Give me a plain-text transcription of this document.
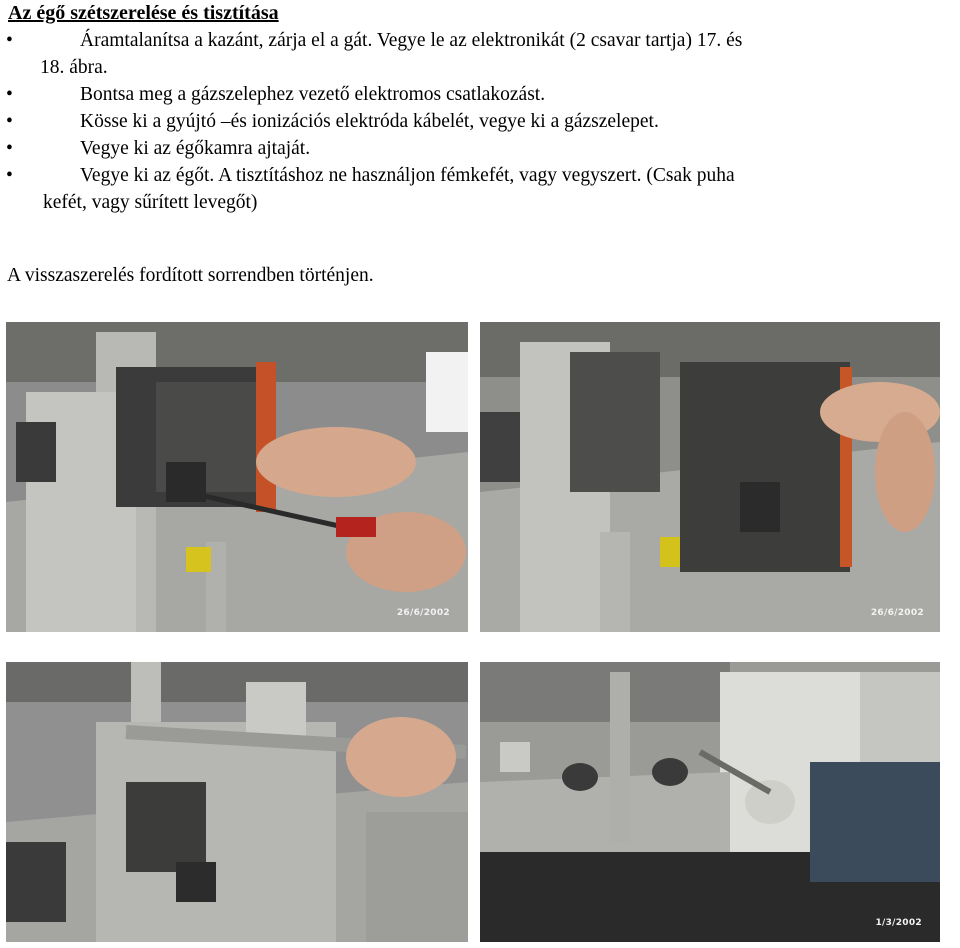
Az égő szétszerelése és tisztítása
•	Áramtalanítsa a kazánt, zárja el a gát. Vegye le az elektronikát (2 csavar tartja) 17. és
18. ábra.
•	Bontsa meg a gázszelephez vezető elektromos csatlakozást.
•	Kösse ki a gyújtó –és ionizációs elektróda kábelét, vegye ki a gázszelepet.
•	Vegye ki az égőkamra ajtaját.
•	Vegye ki az égőt. A tisztításhoz ne használjon fémkefét, vagy vegyszert. (Csak puha
kefét, vagy sűrített levegőt)
A visszaszerelés fordított sorrendben történjen.
26/6/2002	26/6/2002
1/3/2002
